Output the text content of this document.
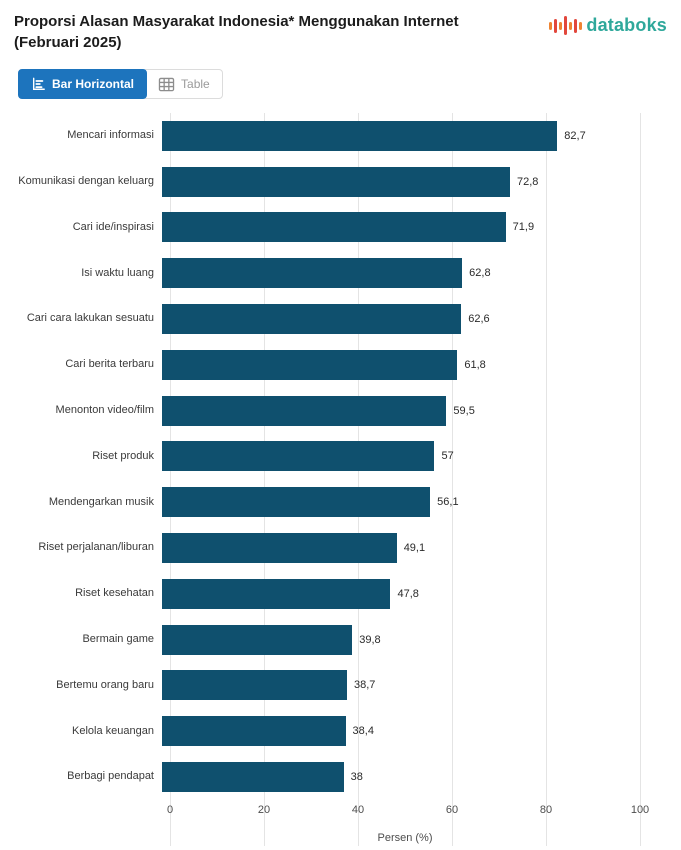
Proporsi Alasan Masyarakat Indonesia* Menggunakan Internet (Februari 2025)
databoks
Bar Horizontal	Table
Mencari informasi	82,7
Komunikasi dengan keluarg	72,8
Cari ide/inspirasi	71,9
Isi waktu luang	62,8
Cari cara lakukan sesuatu	62,6
Cari berita terbaru	61,8
Menonton video/film	59,5
Riset produk	57
Mendengarkan musik	56,1
Riset perjalanan/liburan	49,1
Riset kesehatan	47,8
Bermain game	39,8
Bertemu orang baru	38,7
Kelola keuangan	38,4
Berbagi pendapat	38
0	20	40	60	80	100
Persen (%)
